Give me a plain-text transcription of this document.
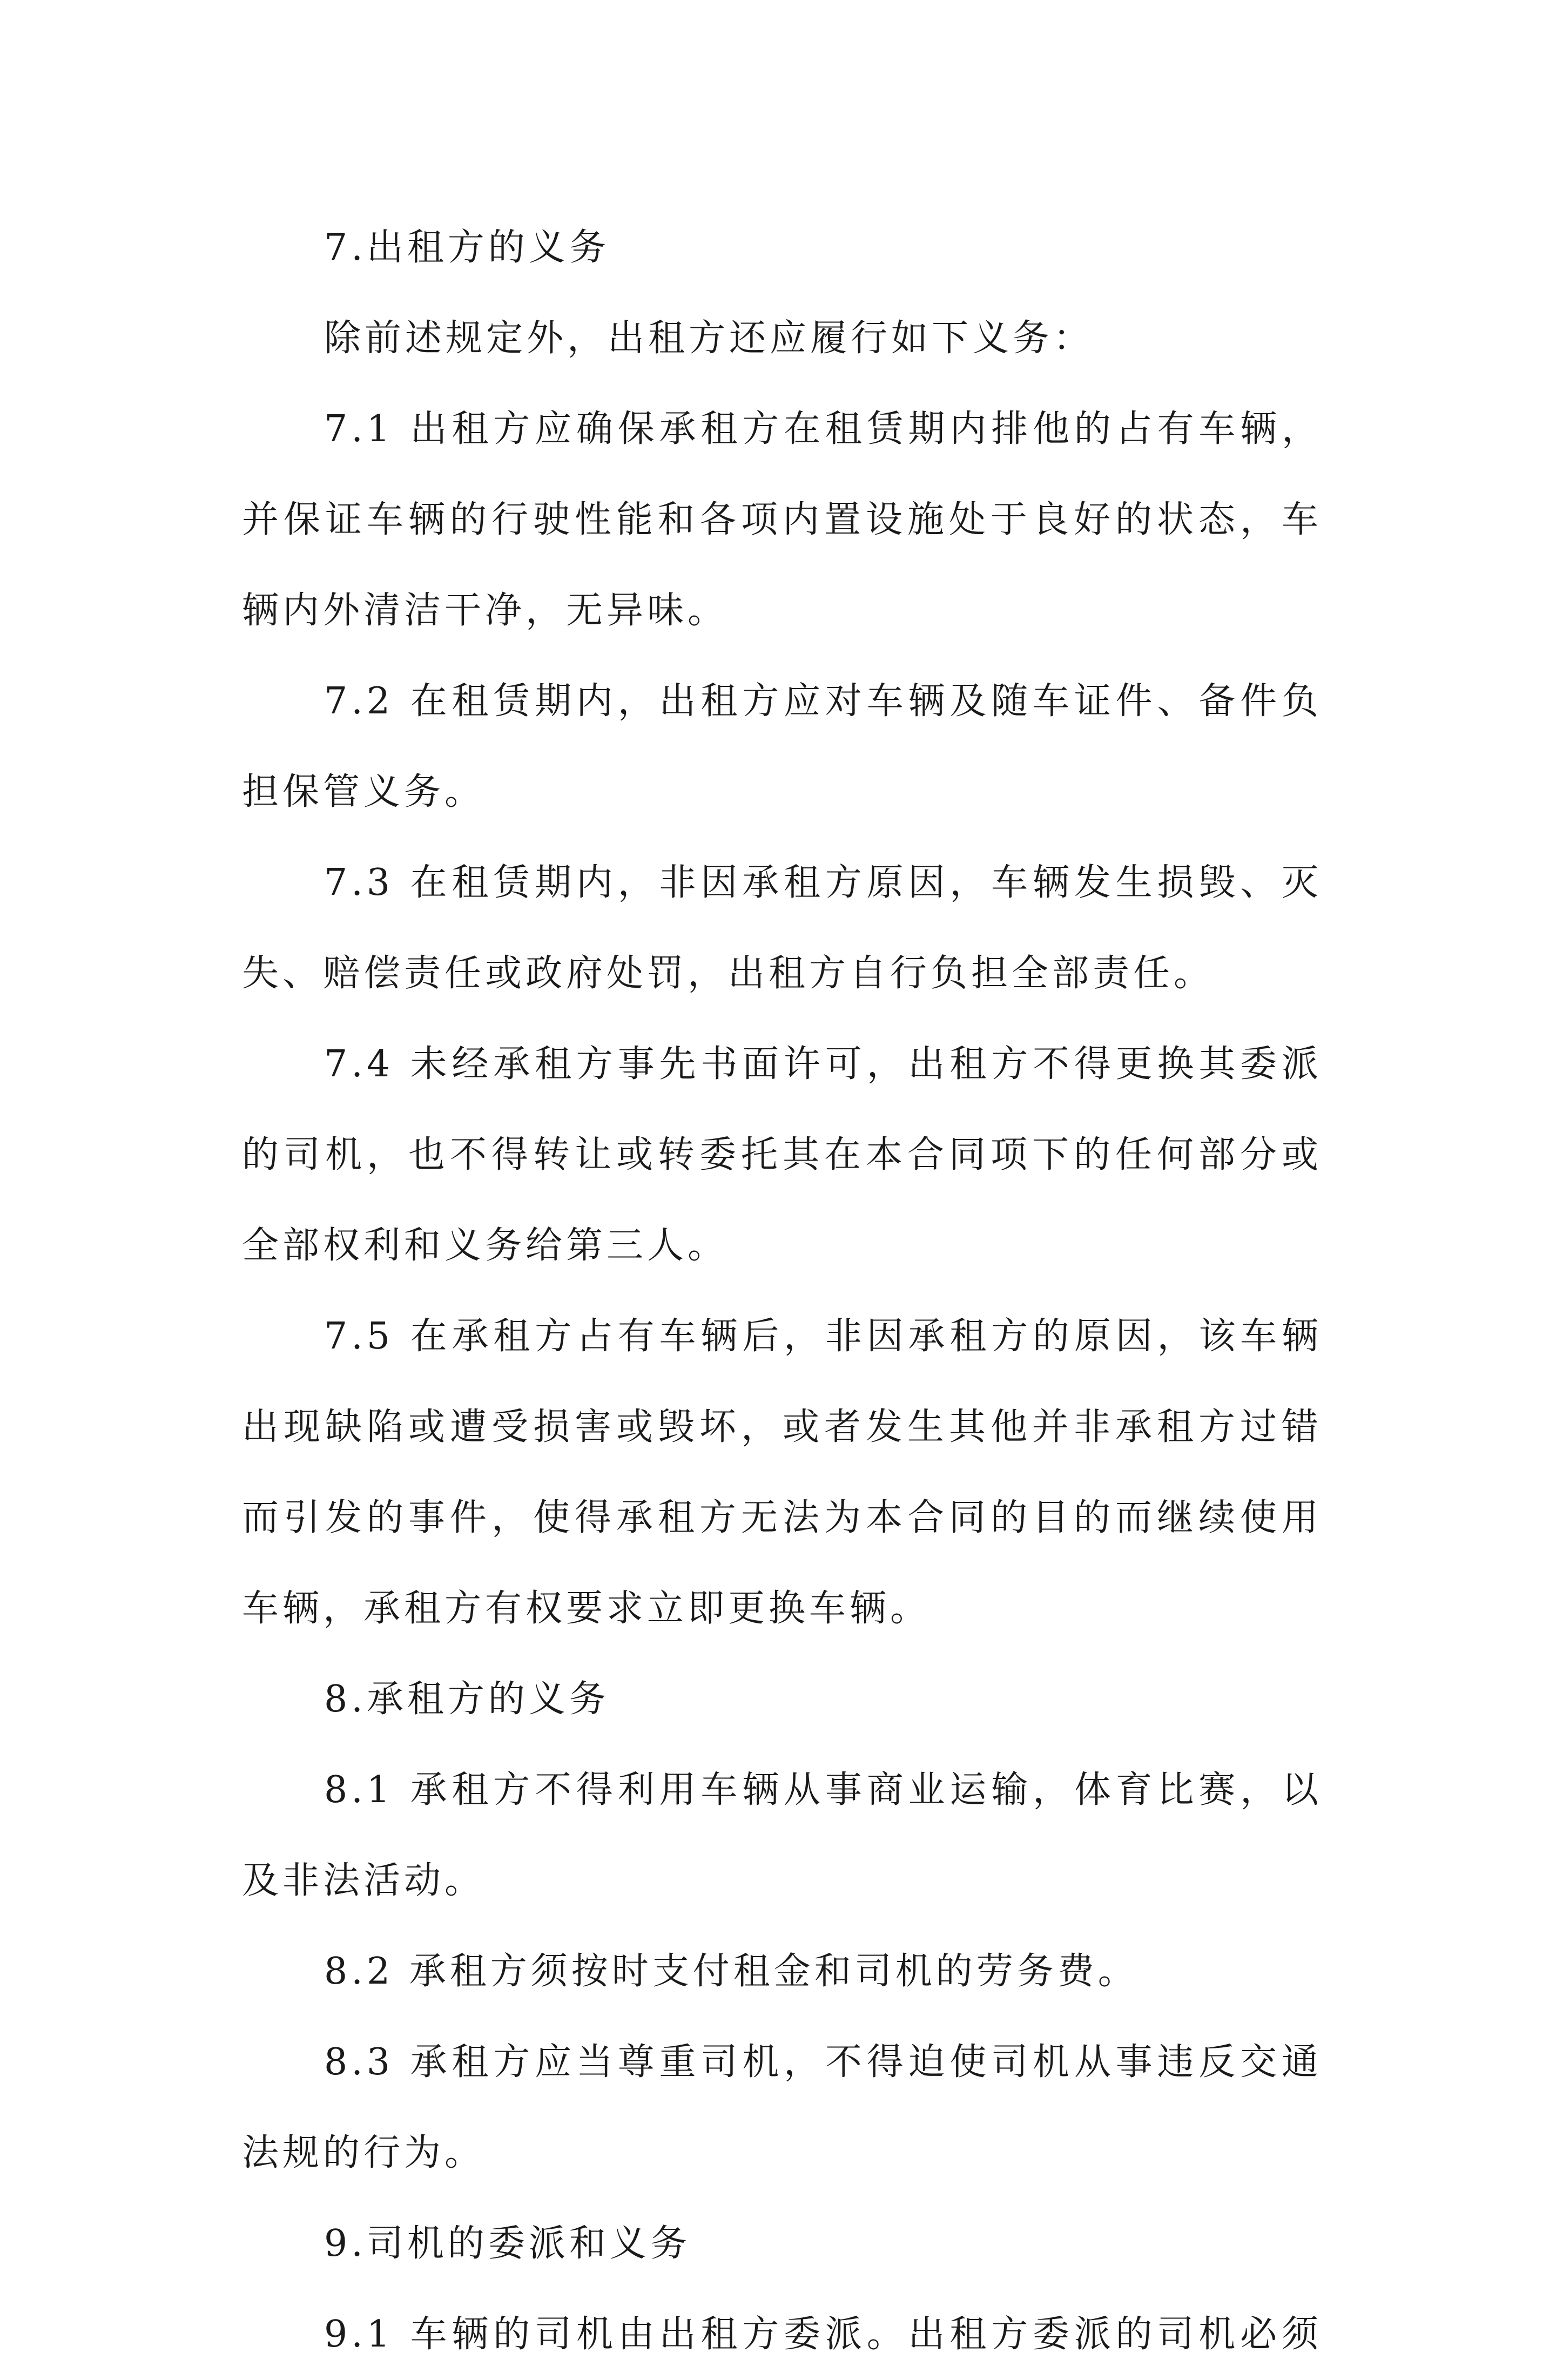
7.出租方的义务
除前述规定外，出租方还应履行如下义务：
7.1 出租方应确保承租方在租赁期内排他的占有车辆，
并保证车辆的行驶性能和各项内置设施处于良好的状态，车
辆内外清洁干净，无异味。
7.2 在租赁期内，出租方应对车辆及随车证件、备件负
担保管义务。
7.3 在租赁期内，非因承租方原因，车辆发生损毁、灭
失、赔偿责任或政府处罚，出租方自行负担全部责任。
7.4 未经承租方事先书面许可，出租方不得更换其委派
的司机，也不得转让或转委托其在本合同项下的任何部分或
全部权利和义务给第三人。
7.5 在承租方占有车辆后，非因承租方的原因，该车辆
出现缺陷或遭受损害或毁坏，或者发生其他并非承租方过错
而引发的事件，使得承租方无法为本合同的目的而继续使用
车辆，承租方有权要求立即更换车辆。
8.承租方的义务
8.1 承租方不得利用车辆从事商业运输，体育比赛，以
及非法活动。
8.2 承租方须按时支付租金和司机的劳务费。
8.3 承租方应当尊重司机，不得迫使司机从事违反交通
法规的行为。
9.司机的委派和义务
9.1 车辆的司机由出租方委派。出租方委派的司机必须
